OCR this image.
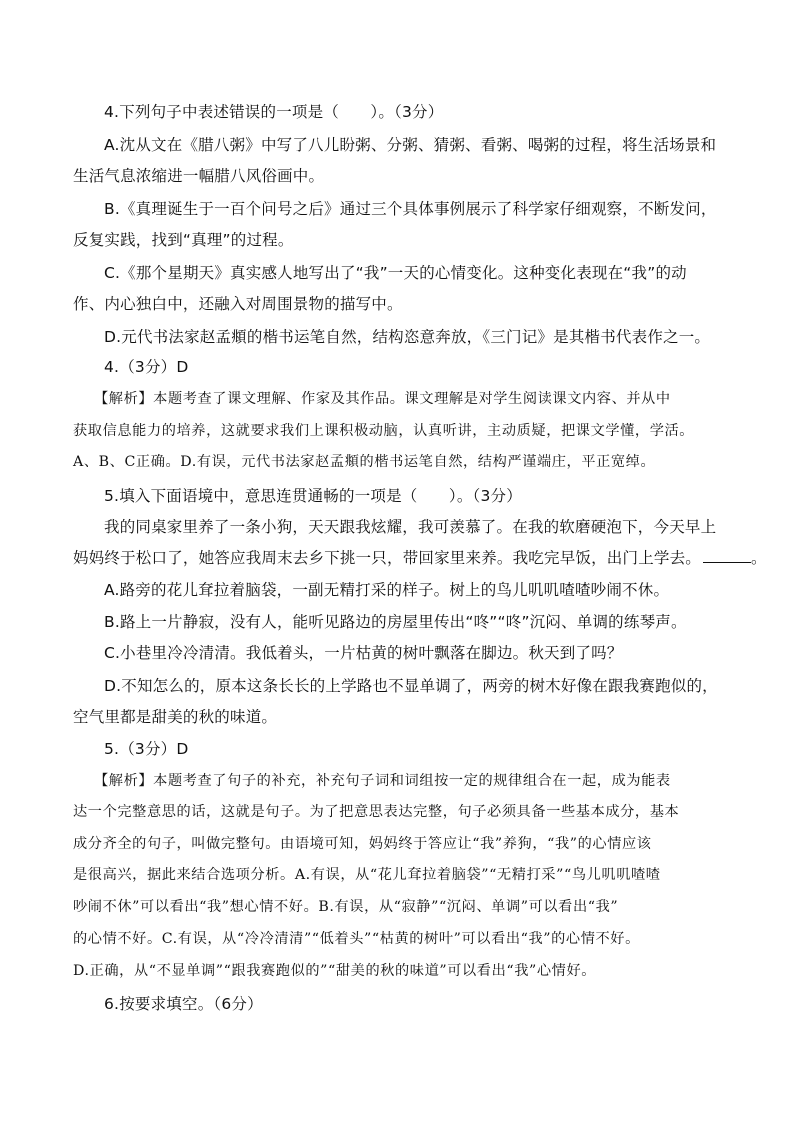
4.下列句子中表述错误的一项是（　　）。（3分）
A.沈从文在《腊八粥》中写了八儿盼粥、分粥、猜粥、看粥、喝粥的过程，将生活场景和
生活气息浓缩进一幅腊八风俗画中。
B.《真理诞生于一百个问号之后》通过三个具体事例展示了科学家仔细观察，不断发问，
反复实践，找到“真理”的过程。
C.《那个星期天》真实感人地写出了“我”一天的心情变化。这种变化表现在“我”的动
作、内心独白中，还融入对周围景物的描写中。
D.元代书法家赵孟頫的楷书运笔自然，结构恣意奔放，《三门记》是其楷书代表作之一。
4.（3分）D
【解析】本题考查了课文理解、作家及其作品。课文理解是对学生阅读课文内容、并从中
获取信息能力的培养，这就要求我们上课积极动脑，认真听讲，主动质疑，把课文学懂，学活。
A、B、C正确。D.有误，元代书法家赵孟頫的楷书运笔自然，结构严谨端庄，平正宽绰。
5.填入下面语境中，意思连贯通畅的一项是（　　）。（3分）
我的同桌家里养了一条小狗，天天跟我炫耀，我可羡慕了。在我的软磨硬泡下，今天早上
妈妈终于松口了，她答应我周末去乡下挑一只，带回家里来养。我吃完早饭，出门上学去。	。
A.路旁的花儿耷拉着脑袋，一副无精打采的样子。树上的鸟儿叽叽喳喳吵闹不休。
B.路上一片静寂，没有人，能听见路边的房屋里传出“咚”“咚”沉闷、单调的练琴声。
C.小巷里冷冷清清。我低着头，一片枯黄的树叶飘落在脚边。秋天到了吗？
D.不知怎么的，原本这条长长的上学路也不显单调了，两旁的树木好像在跟我赛跑似的，
空气里都是甜美的秋的味道。
5.（3分）D
【解析】本题考查了句子的补充，补充句子词和词组按一定的规律组合在一起，成为能表
达一个完整意思的话，这就是句子。为了把意思表达完整，句子必须具备一些基本成分，基本
成分齐全的句子，叫做完整句。由语境可知，妈妈终于答应让“我”养狗，“我”的心情应该
是很高兴，据此来结合选项分析。A.有误，从“花儿耷拉着脑袋”“无精打采”“鸟儿叽叽喳喳
吵闹不休”可以看出“我”想心情不好。B.有误，从“寂静”“沉闷、单调”可以看出“我”
的心情不好。C.有误，从“冷冷清清”“低着头”“枯黄的树叶”可以看出“我”的心情不好。
D.正确，从“不显单调”“跟我赛跑似的”“甜美的秋的味道”可以看出“我”心情好。
6.按要求填空。（6分）
